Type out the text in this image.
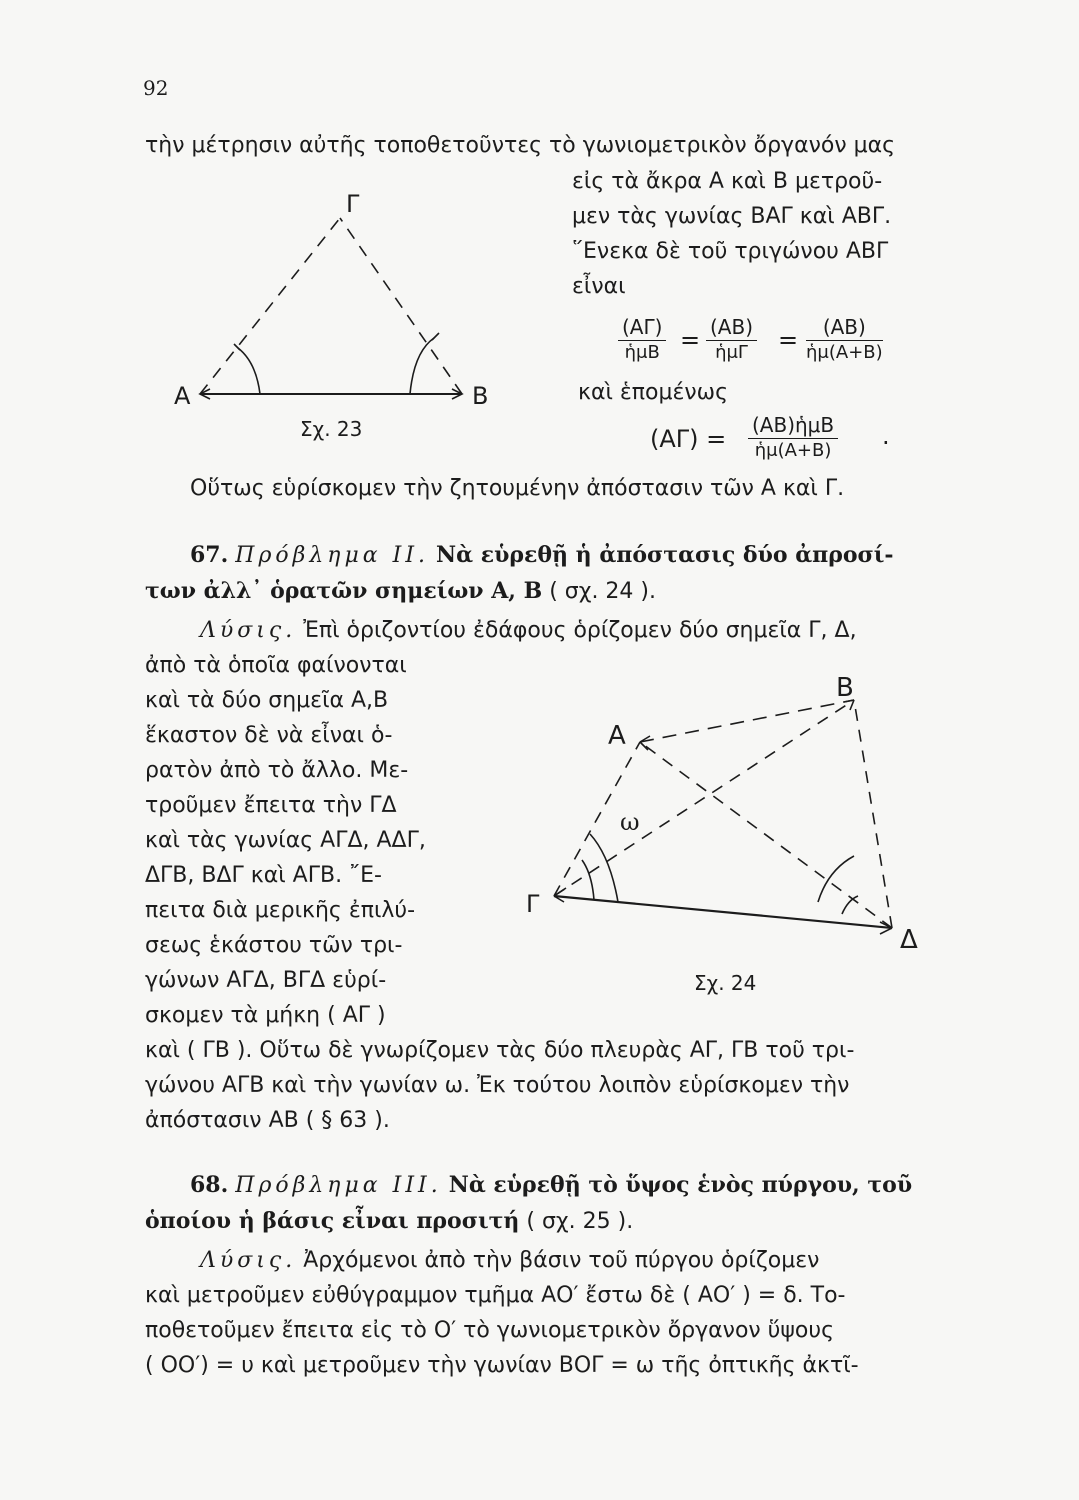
92
τὴν μέτρησιν αὐτῆς τοποθετοῦντες τὸ γωνιομετρικὸν ὄργανόν μας
εἰς τὰ ἄκρα Α καὶ Β μετροῦ-
μεν τὰς γωνίας ΒΑΓ καὶ ΑΒΓ.
῞Ενεκα δὲ τοῦ τριγώνου ΑΒΓ
εἶναι
(ΑΓ)
ἡμΒ = (ΑΒ)
ἡμΓ	= $\frac{(AB)}{\text{ἡμ(Α+Β)}}$
καὶ ἑπομένως
(ΑΓ) = (ΑΒ)ἡμΒ
ἡμ(Α+Β)
.
Α	Β
Γ
Σχ. 23
Οὕτως εὑρίσκομεν τὴν ζητουμένην ἀπόστασιν τῶν Α καὶ Γ.
67. Πρόβλημα ΙΙ. Νὰ εὑρεθῇ ἡ ἀπόστασις δύο ἀπροσί-
των ἀλλ᾽ ὁρατῶν σημείων Α, Β ( σχ. 24 ).
Λύσις. Ἐπὶ ὁριζοντίου ἐδάφους ὁρίζομεν δύο σημεῖα Γ, Δ,
ἀπὸ τὰ ὁποῖα φαίνονται
καὶ τὰ δύο σημεῖα Α,Β
ἕκαστον δὲ νὰ εἶναι ὁ-
ρατὸν ἀπὸ τὸ ἄλλο. Με-
τροῦμεν ἔπειτα τὴν ΓΔ
καὶ τὰς γωνίας ΑΓΔ, ΑΔΓ,
ΔΓΒ, ΒΔΓ καὶ ΑΓΒ. ῎Ε-
πειτα διὰ μερικῆς ἐπιλύ-
σεως ἑκάστου τῶν τρι-
γώνων ΑΓΔ, ΒΓΔ εὑρί-
σκομεν τὰ μήκη ( ΑΓ )
Γ
Δ
Α
Β
ω
Σχ. 24
καὶ ( ΓΒ ). Οὕτω δὲ γνωρίζομεν τὰς δύο πλευρὰς ΑΓ, ΓΒ τοῦ τρι-
γώνου ΑΓΒ καὶ τὴν γωνίαν ω. Ἐκ τούτου λοιπὸν εὑρίσκομεν τὴν
ἀπόστασιν ΑΒ ( § 63 ).
68. Πρόβλημα ΙΙΙ. Νὰ εὑρεθῇ τὸ ὕψος ἑνὸς πύργου, τοῦ
ὁποίου ἡ βάσις εἶναι προσιτή ( σχ. 25 ).
Λύσις. Ἀρχόμενοι ἀπὸ τὴν βάσιν τοῦ πύργου ὁρίζομεν
καὶ μετροῦμεν εὐθύγραμμον τμῆμα ΑΟ′ ἔστω δὲ ( ΑΟ′ ) = δ. Το-
ποθετοῦμεν ἔπειτα εἰς τὸ Ο′ τὸ γωνιομετρικὸν ὄργανον ὕψους
( ΟΟ′) = υ καὶ μετροῦμεν τὴν γωνίαν ΒΟΓ = ω τῆς ὀπτικῆς ἀκτῖ-
